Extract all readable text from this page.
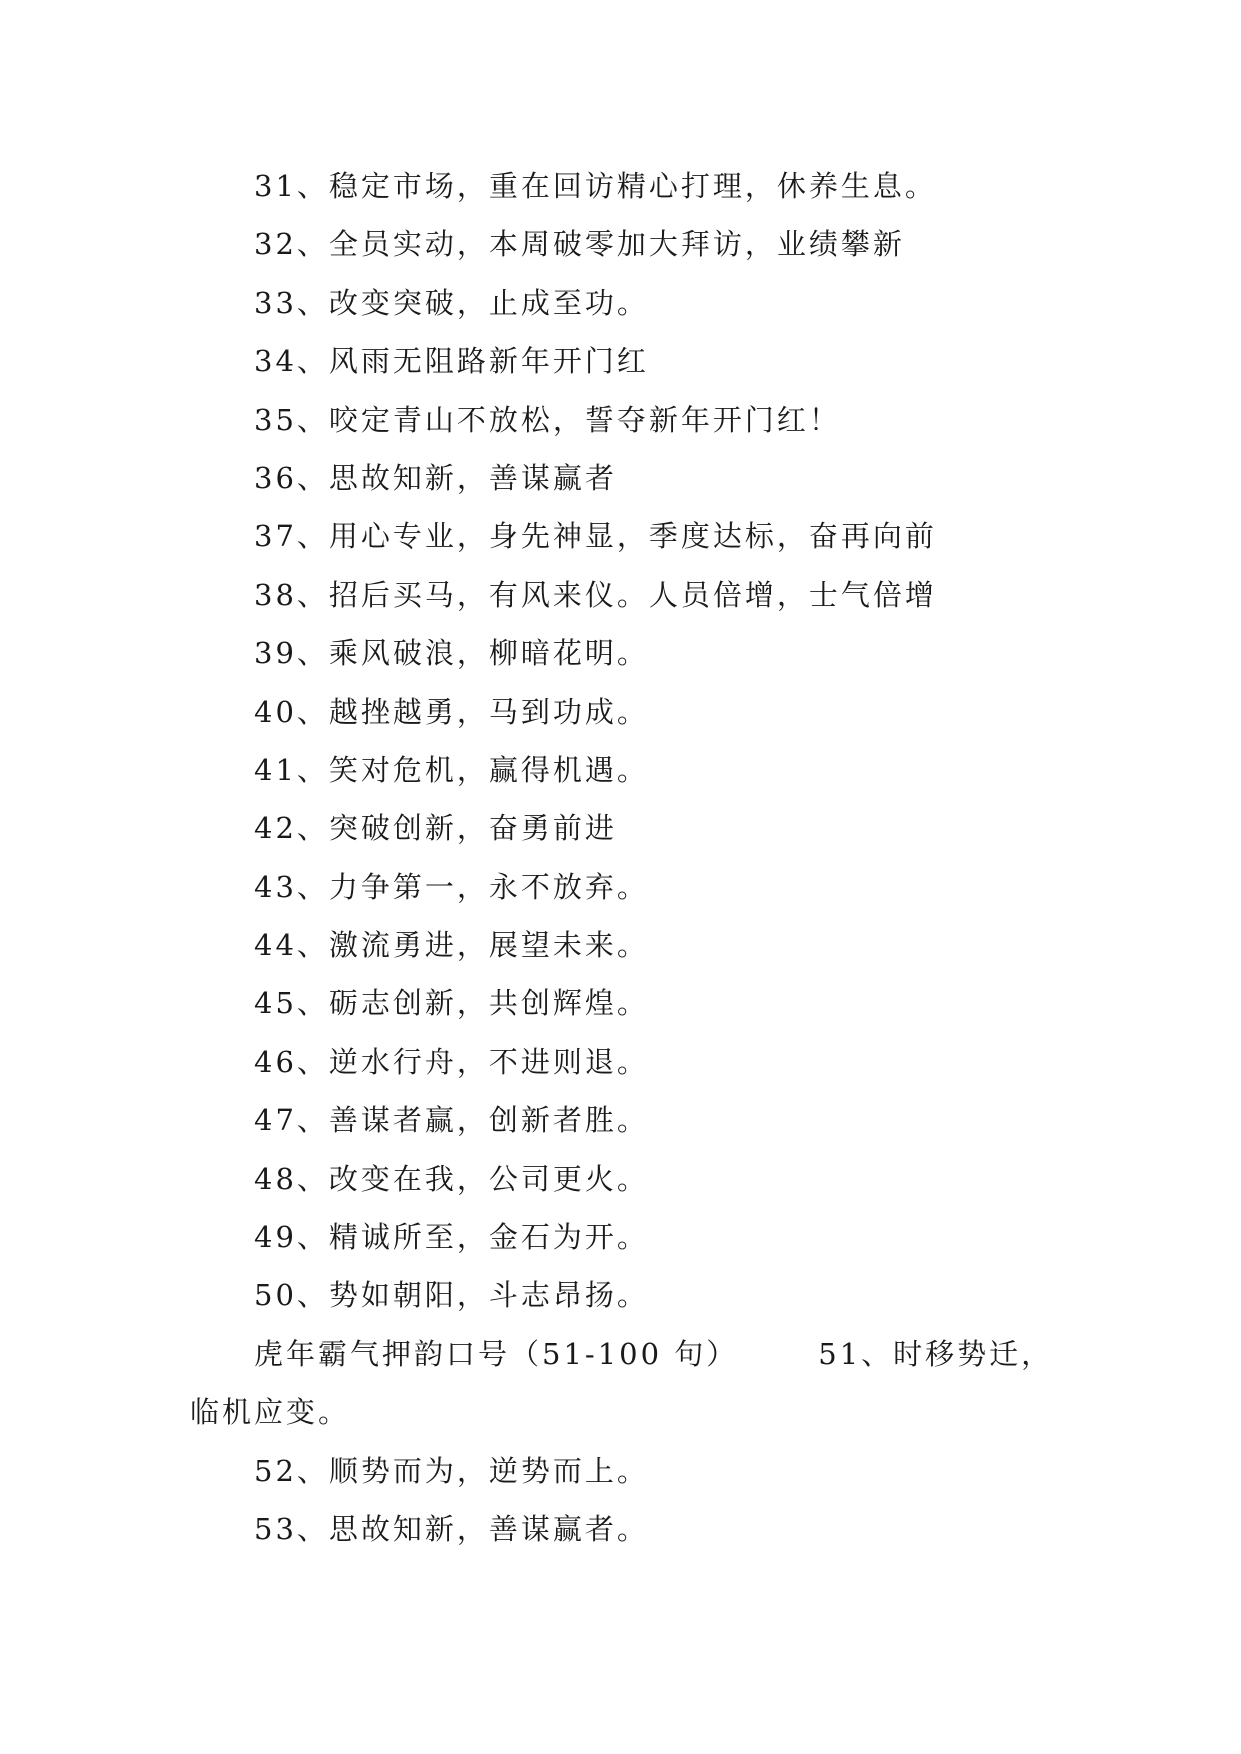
31、稳定市场，重在回访精心打理，休养生息。
32、全员实动，本周破零加大拜访，业绩攀新
33、改变突破，止成至功。
34、风雨无阻路新年开门红
35、咬定青山不放松，誓夺新年开门红！
36、思故知新，善谋赢者
37、用心专业，身先神显，季度达标，奋再向前
38、招后买马，有风来仪。人员倍增，士气倍增
39、乘风破浪，柳暗花明。
40、越挫越勇，马到功成。
41、笑对危机，赢得机遇。
42、突破创新，奋勇前进
43、力争第一，永不放弃。
44、激流勇进，展望未来。
45、砺志创新，共创辉煌。
46、逆水行舟，不进则退。
47、善谋者赢，创新者胜。
48、改变在我，公司更火。
49、精诚所至，金石为开。
50、势如朝阳，斗志昂扬。

虎年霸气押韵口号（51-100 句）	51、时移势迁，临机应变。

52、顺势而为，逆势而上。
53、思故知新，善谋赢者。
